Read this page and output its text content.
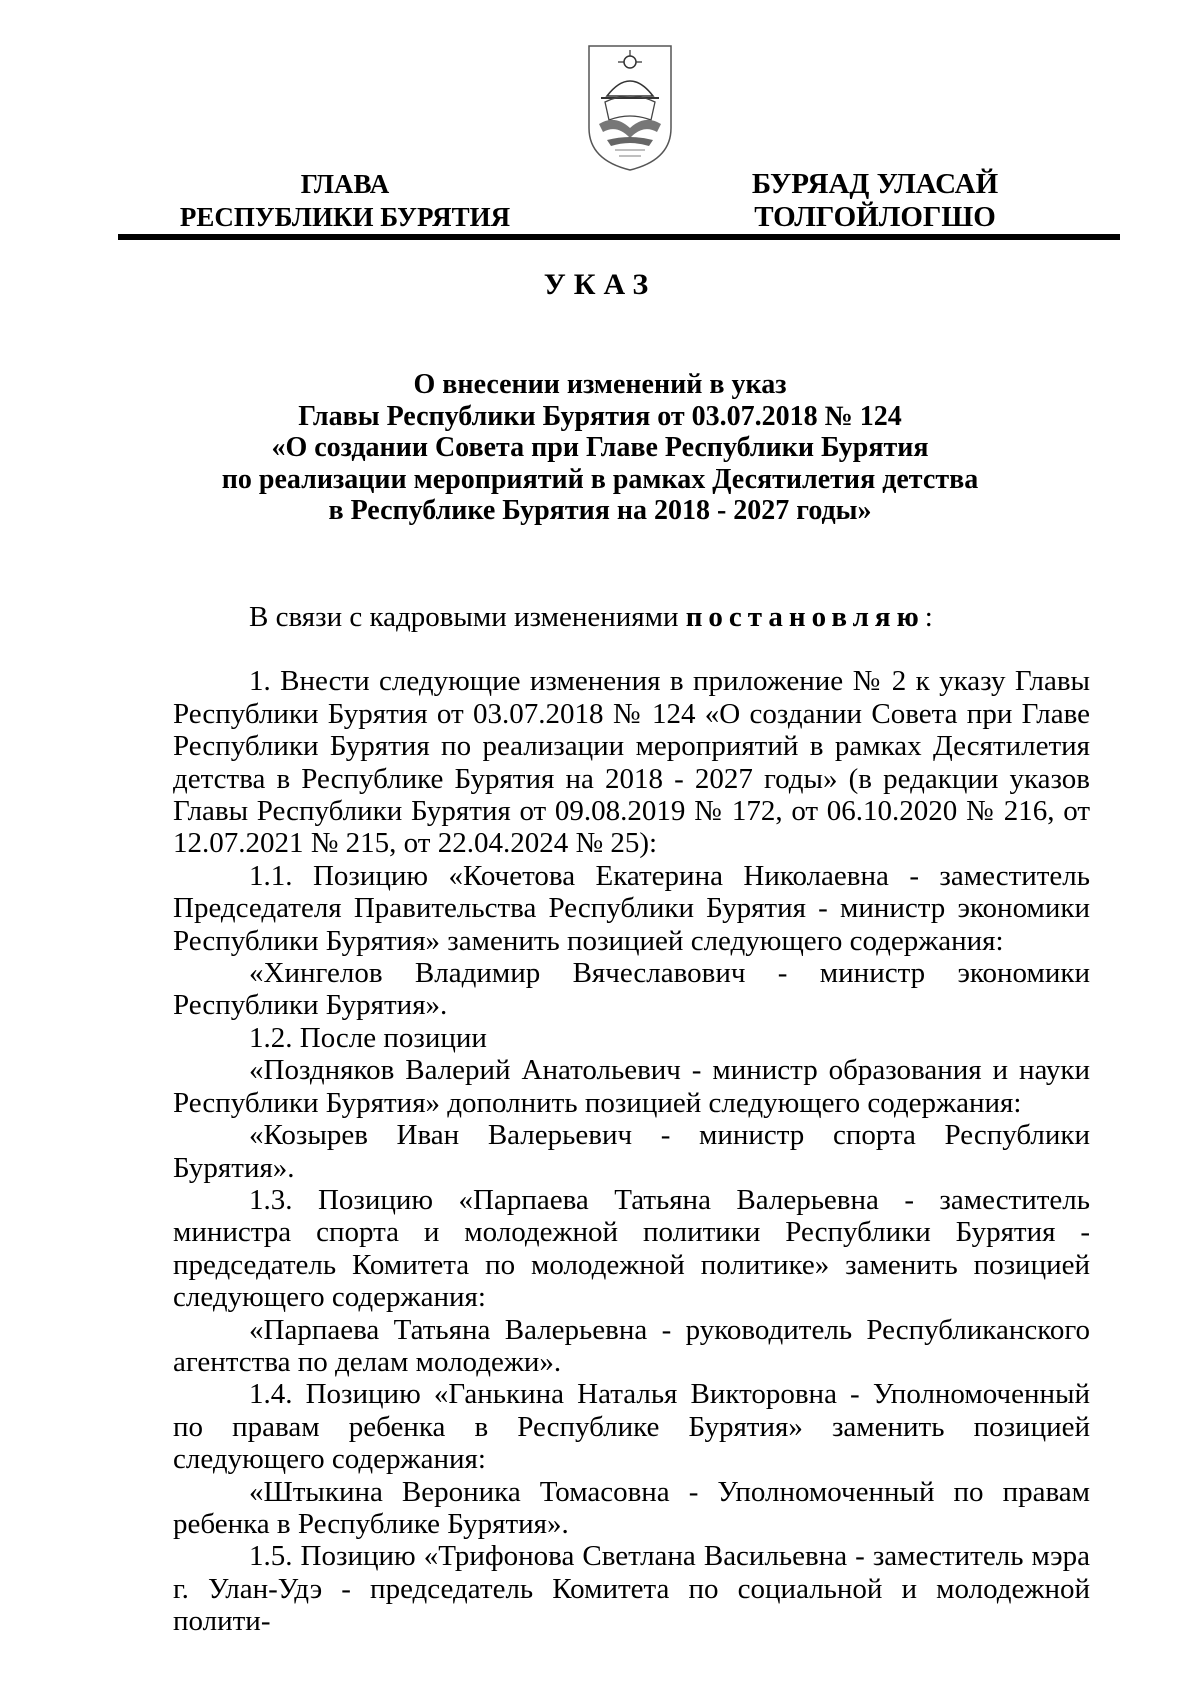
ГЛАВА
РЕСПУБЛИКИ БУРЯТИЯ
БУРЯАД УЛАСАЙ
ТОЛГОЙЛОГШО
УКАЗ
О внесении изменений в указ
Главы Республики Бурятия от 03.07.2018 № 124
«О создании Совета при Главе Республики Бурятия
по реализации мероприятий в рамках Десятилетия детства
в Республике Бурятия на 2018 - 2027 годы»

В связи с кадровыми изменениями постановляю:

1. Внести следующие изменения в приложение № 2 к указу Главы Республики Бурятия от 03.07.2018 № 124 «О создании Совета при Главе Республики Бурятия по реализации мероприятий в рамках Десятилетия детства в Республике Бурятия на 2018 - 2027 годы» (в редакции указов Главы Республики Бурятия от 09.08.2019 № 172, от 06.10.2020 № 216, от 12.07.2021 № 215, от 22.04.2024 № 25):

1.1. Позицию «Кочетова Екатерина Николаевна - заместитель Председателя Правительства Республики Бурятия - министр экономики Республики Бурятия» заменить позицией следующего содержания:

«Хингелов Владимир Вячеславович - министр экономики Республики Бурятия».

1.2. После позиции

«Поздняков Валерий Анатольевич - министр образования и науки Республики Бурятия» дополнить позицией следующего содержания:

«Козырев Иван Валерьевич - министр спорта Республики Бурятия».

1.3. Позицию «Парпаева Татьяна Валерьевна - заместитель министра спорта и молодежной политики Республики Бурятия - председатель Комитета по молодежной политике» заменить позицией следующего содержания:

«Парпаева Татьяна Валерьевна - руководитель Республиканского агентства по делам молодежи».

1.4. Позицию «Ганькина Наталья Викторовна - Уполномоченный по правам ребенка в Республике Бурятия» заменить позицией следующего содержания:

«Штыкина Вероника Томасовна - Уполномоченный по правам ребенка в Республике Бурятия».

1.5. Позицию «Трифонова Светлана Васильевна - заместитель мэра г. Улан-Удэ - председатель Комитета по социальной и молодежной полити-
